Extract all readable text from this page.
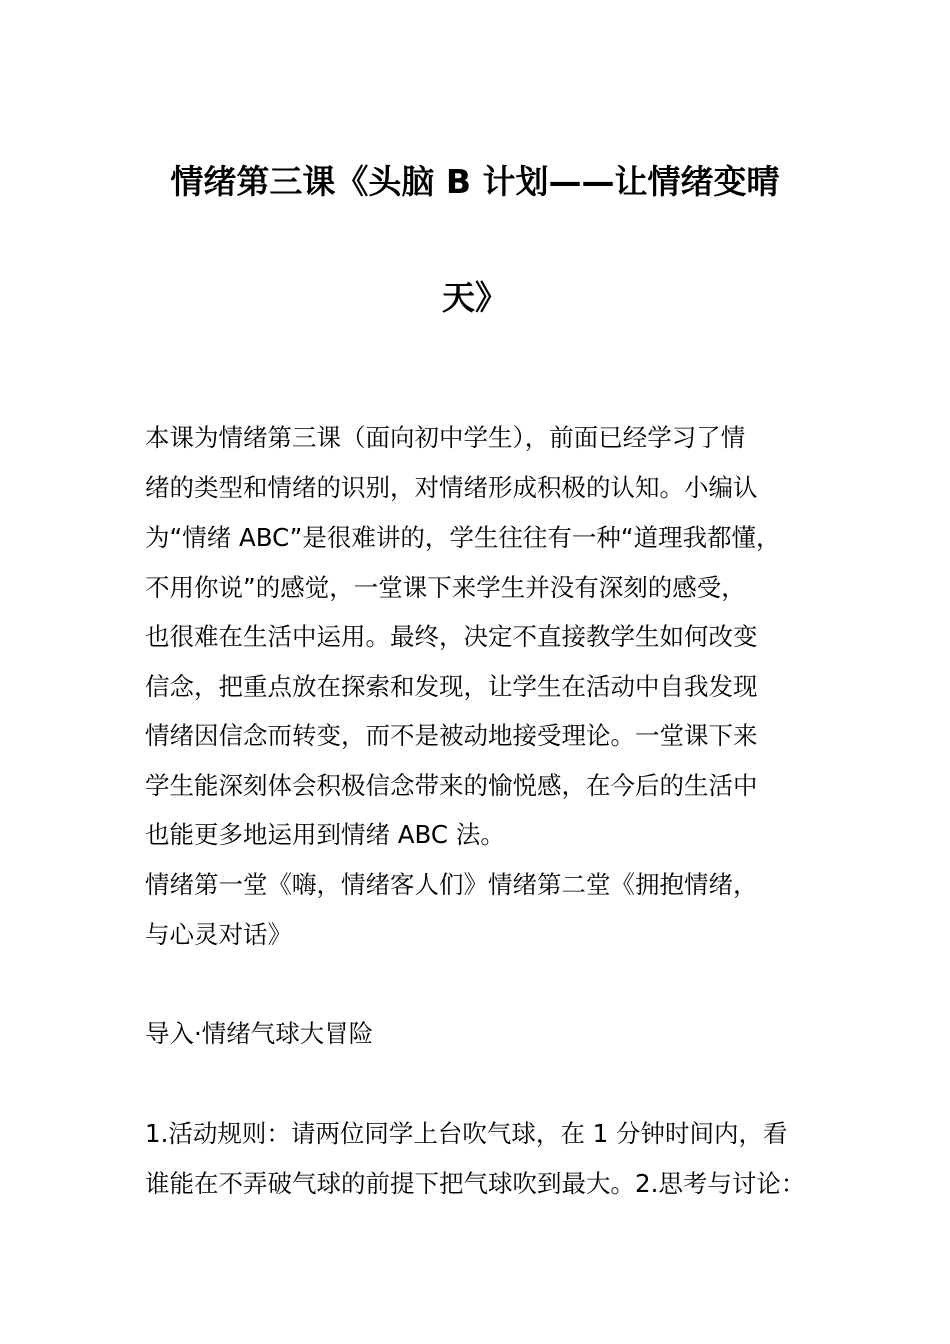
情绪第三课《头脑 B 计划——让情绪变晴
天》
本课为情绪第三课（面向初中学生），前面已经学习了情
绪的类型和情绪的识别，对情绪形成积极的认知。小编认
为“情绪 ABC”是很难讲的，学生往往有一种“道理我都懂，
不用你说”的感觉，一堂课下来学生并没有深刻的感受，
也很难在生活中运用。最终，决定不直接教学生如何改变
信念，把重点放在探索和发现，让学生在活动中自我发现
情绪因信念而转变，而不是被动地接受理论。一堂课下来
学生能深刻体会积极信念带来的愉悦感，在今后的生活中
也能更多地运用到情绪 ABC 法。
情绪第一堂《嗨，情绪客人们》情绪第二堂《拥抱情绪，
与心灵对话》
导入·情绪气球大冒险
1.活动规则：请两位同学上台吹气球，在 1 分钟时间内，看
谁能在不弄破气球的前提下把气球吹到最大。2.思考与讨论：
